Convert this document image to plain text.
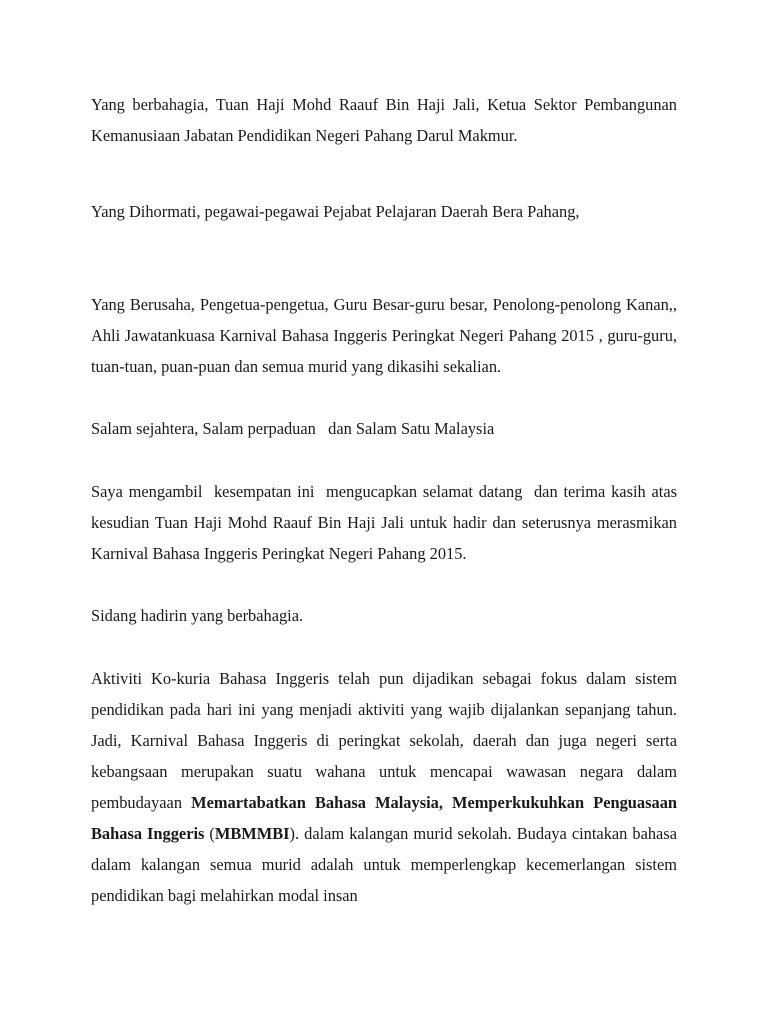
Yang berbahagia, Tuan Haji Mohd Raauf Bin Haji Jali, Ketua Sektor Pembangunan Kemanusiaan Jabatan Pendidikan Negeri Pahang Darul Makmur.

Yang Dihormati, pegawai-pegawai Pejabat Pelajaran Daerah Bera Pahang,

Yang Berusaha, Pengetua-pengetua, Guru Besar-guru besar, Penolong-penolong Kanan,, Ahli Jawatankuasa Karnival Bahasa Inggeris Peringkat Negeri Pahang 2015 , guru-guru, tuan-tuan, puan-puan dan semua murid yang dikasihi sekalian.

Salam sejahtera, Salam perpaduan   dan Salam Satu Malaysia

Saya mengambil  kesempatan ini  mengucapkan selamat datang  dan terima kasih atas kesudian Tuan Haji Mohd Raauf Bin Haji Jali untuk hadir dan seterusnya merasmikan  Karnival Bahasa Inggeris Peringkat Negeri Pahang 2015.

Sidang hadirin yang berbahagia.

Aktiviti Ko-kuria Bahasa Inggeris telah pun dijadikan sebagai fokus dalam sistem pendidikan pada hari ini yang menjadi aktiviti yang wajib dijalankan sepanjang tahun. Jadi, Karnival Bahasa Inggeris di peringkat sekolah, daerah dan juga negeri serta kebangsaan merupakan suatu wahana untuk mencapai wawasan negara dalam pembudayaan Memartabatkan Bahasa Malaysia, Memperkukuhkan Penguasaan Bahasa Inggeris (MBMMBI). dalam kalangan murid sekolah. Budaya cintakan bahasa dalam kalangan semua murid adalah untuk memperlengkap kecemerlangan sistem pendidikan bagi melahirkan modal insan
